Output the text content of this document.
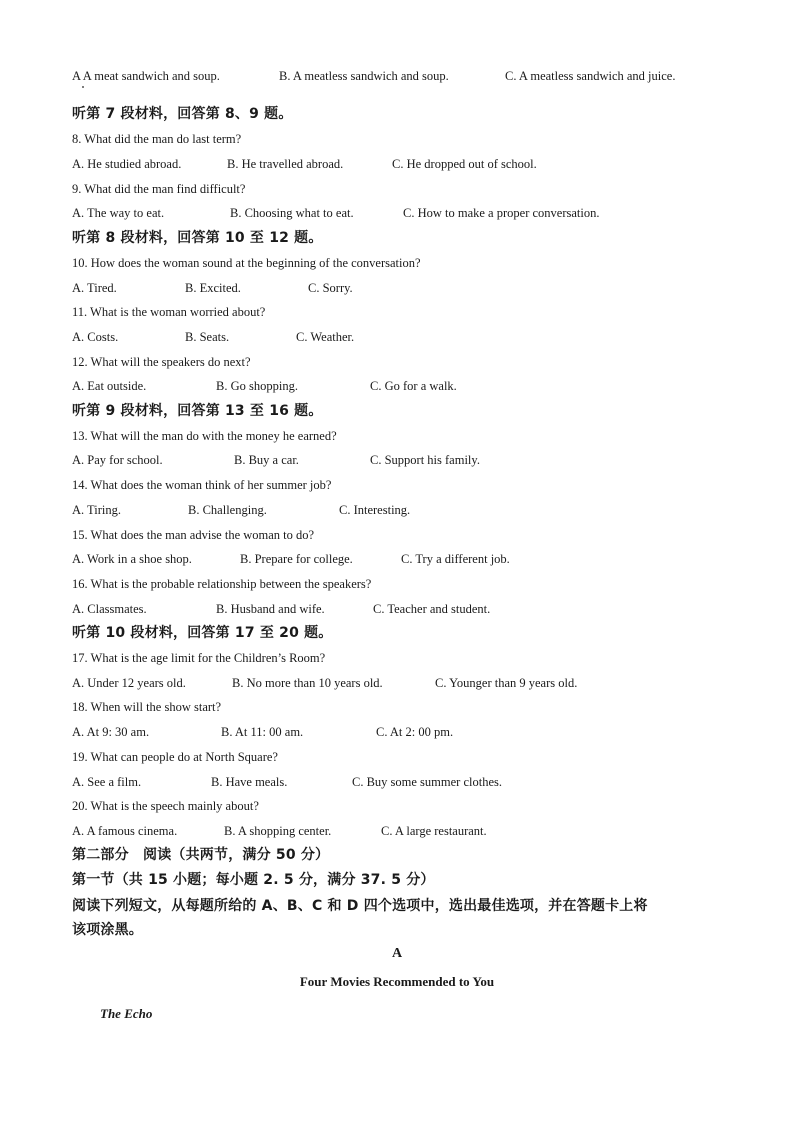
A A meat sandwich and soup.	B. A meatless sandwich and soup.	C. A meatless sandwich and juice.
听第 7 段材料，回答第 8、9 题。
8. What did the man do last term?
A. He studied abroad.	B. He travelled abroad.	C. He dropped out of school.
9. What did the man find difficult?
A. The way to eat.	B. Choosing what to eat.	C. How to make a proper conversation.
听第 8 段材料，回答第 10 至 12 题。
10. How does the woman sound at the beginning of the conversation?
A. Tired.	B. Excited.	C. Sorry.
11. What is the woman worried about?
A. Costs.	B. Seats.	C. Weather.
12. What will the speakers do next?
A. Eat outside.	B. Go shopping.	C. Go for a walk.
听第 9 段材料，回答第 13 至 16 题。
13. What will the man do with the money he earned?
A. Pay for school.	B. Buy a car.	C. Support his family.
14. What does the woman think of her summer job?
A. Tiring.	B. Challenging.	C. Interesting.
15. What does the man advise the woman to do?
A. Work in a shoe shop.	B. Prepare for college.	C. Try a different job.
16. What is the probable relationship between the speakers?
A. Classmates.	B. Husband and wife.	C. Teacher and student.
听第 10 段材料，回答第 17 至 20 题。
17. What is the age limit for the Children’s Room?
A. Under 12 years old.	B. No more than 10 years old.	C. Younger than 9 years old.
18. When will the show start?
A. At 9: 30 am.	B. At 11: 00 am.	C. At 2: 00 pm.
19. What can people do at North Square?
A. See a film.	B. Have meals.	C. Buy some summer clothes.
20. What is the speech mainly about?
A. A famous cinema.	B. A shopping center.	C. A large restaurant.
第二部分　阅读（共两节，满分 50 分）
第一节（共 15 小题；每小题 2. 5 分，满分 37. 5 分）
阅读下列短文，从每题所给的 A、B、C 和 D 四个选项中，选出最佳选项，并在答题卡上将
该项涂黑。
A
Four Movies Recommended to You
The Echo
